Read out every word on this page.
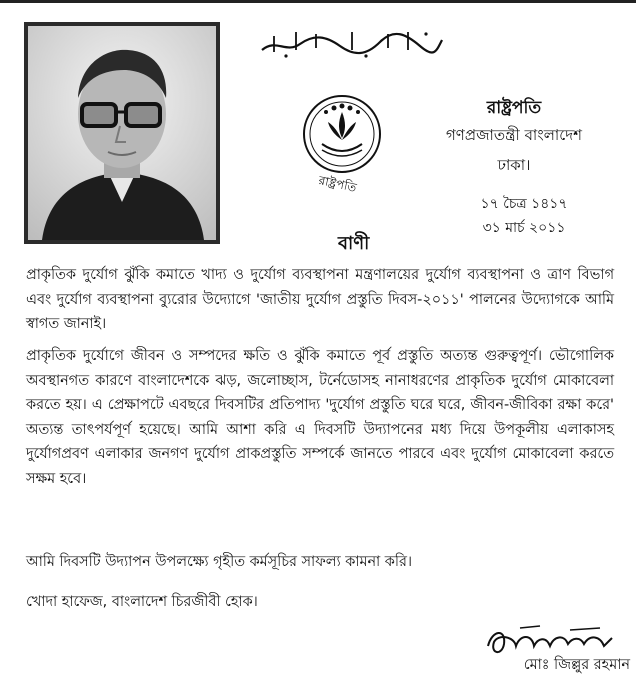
রাষ্ট্রপতি
রাষ্ট্রপতি
গণপ্রজাতন্ত্রী বাংলাদেশ
ঢাকা।
১৭ চৈত্র ১৪১৭
৩১ মার্চ ২০১১
বাণী

প্রাকৃতিক দুর্যোগ ঝুঁকি কমাতে খাদ্য ও দুর্যোগ ব্যবস্থাপনা মন্ত্রণালয়ের দুর্যোগ ব্যবস্থাপনা ও ত্রাণ বিভাগ এবং দুর্যোগ ব্যবস্থাপনা ব্যুরোর উদ্যোগে 'জাতীয় দুর্যোগ প্রস্তুতি দিবস-২০১১' পালনের উদ্যোগকে আমি স্বাগত জানাই।

প্রাকৃতিক দুর্যোগে জীবন ও সম্পদের ক্ষতি ও ঝুঁকি কমাতে পূর্ব প্রস্তুতি অত্যন্ত গুরুত্বপূর্ণ। ভৌগোলিক অবস্থানগত কারণে বাংলাদেশকে ঝড়, জলোচ্ছাস, টর্নেডোসহ নানাধরণের প্রাকৃতিক দুর্যোগ মোকাবেলা করতে হয়। এ প্রেক্ষাপটে এবছরে দিবসটির প্রতিপাদ্য 'দুর্যোগ প্রস্তুতি ঘরে ঘরে, জীবন-জীবিকা রক্ষা করে' অত্যন্ত তাৎপর্যপূর্ণ হয়েছে। আমি আশা করি এ দিবসটি উদ্যাপনের মধ্য দিয়ে উপকূলীয় এলাকাসহ দুর্যোগপ্রবণ এলাকার জনগণ দুর্যোগ প্রাকপ্রস্তুতি সম্পর্কে জানতে পারবে এবং দুর্যোগ মোকাবেলা করতে সক্ষম হবে।

আমি দিবসটি উদ্যাপন উপলক্ষ্যে গৃহীত কর্মসূচির সাফল্য কামনা করি।

খোদা হাফেজ, বাংলাদেশ চিরজীবী হোক।

মোঃ জিল্লুর রহমান
